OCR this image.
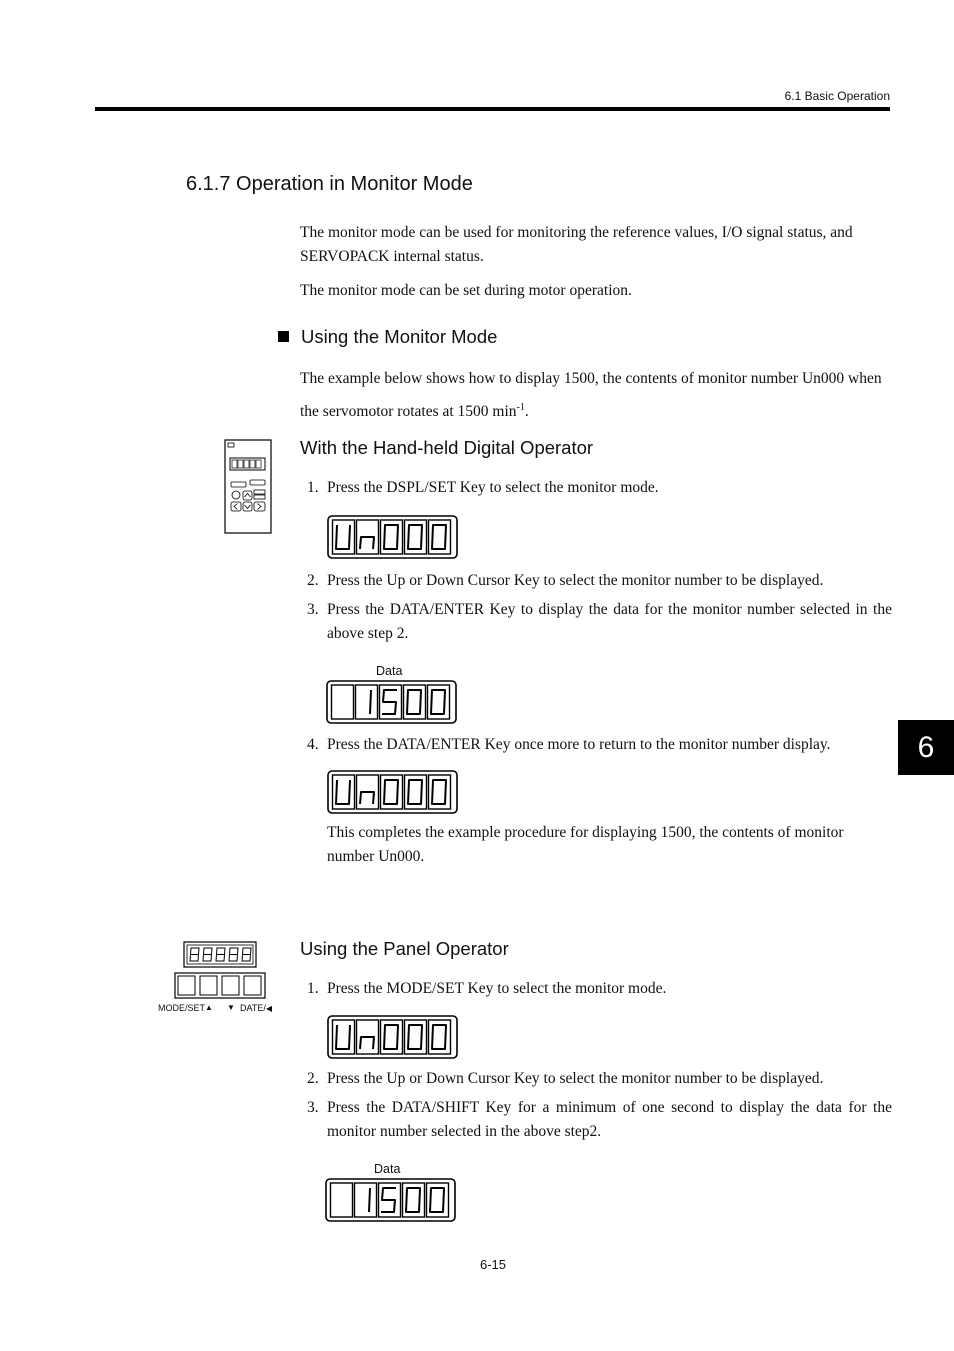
6.1 Basic Operation
6.1.7 Operation in Monitor Mode
The monitor mode can be used for monitoring the reference values, I/O signal status, and SERVOPACK internal status.
The monitor mode can be set during motor operation.
Using the Monitor Mode
The example below shows how to display 1500, the contents of monitor number Un000 when the servomotor rotates at 1500 $\min^{-1}$.
With the Hand-held Digital Operator
1. Press the DSPL/SET Key to select the monitor mode.
2. Press the Up or Down Cursor Key to select the monitor number to be displayed.
3. Press the DATA/ENTER Key to display the data for the monitor number selected in the above step 2.
Data
4. Press the DATA/ENTER Key once more to return to the monitor number display.
This completes the example procedure for displaying 1500, the contents of monitor number Un000.
6
MODE/SET ▲ ▼ DATE/◀
Using the Panel Operator
1. Press the MODE/SET Key to select the monitor mode.
2. Press the Up or Down Cursor Key to select the monitor number to be displayed.
3. Press the DATA/SHIFT Key for a minimum of one second to display the data for the monitor number selected in the above step2.
Data
6-15
